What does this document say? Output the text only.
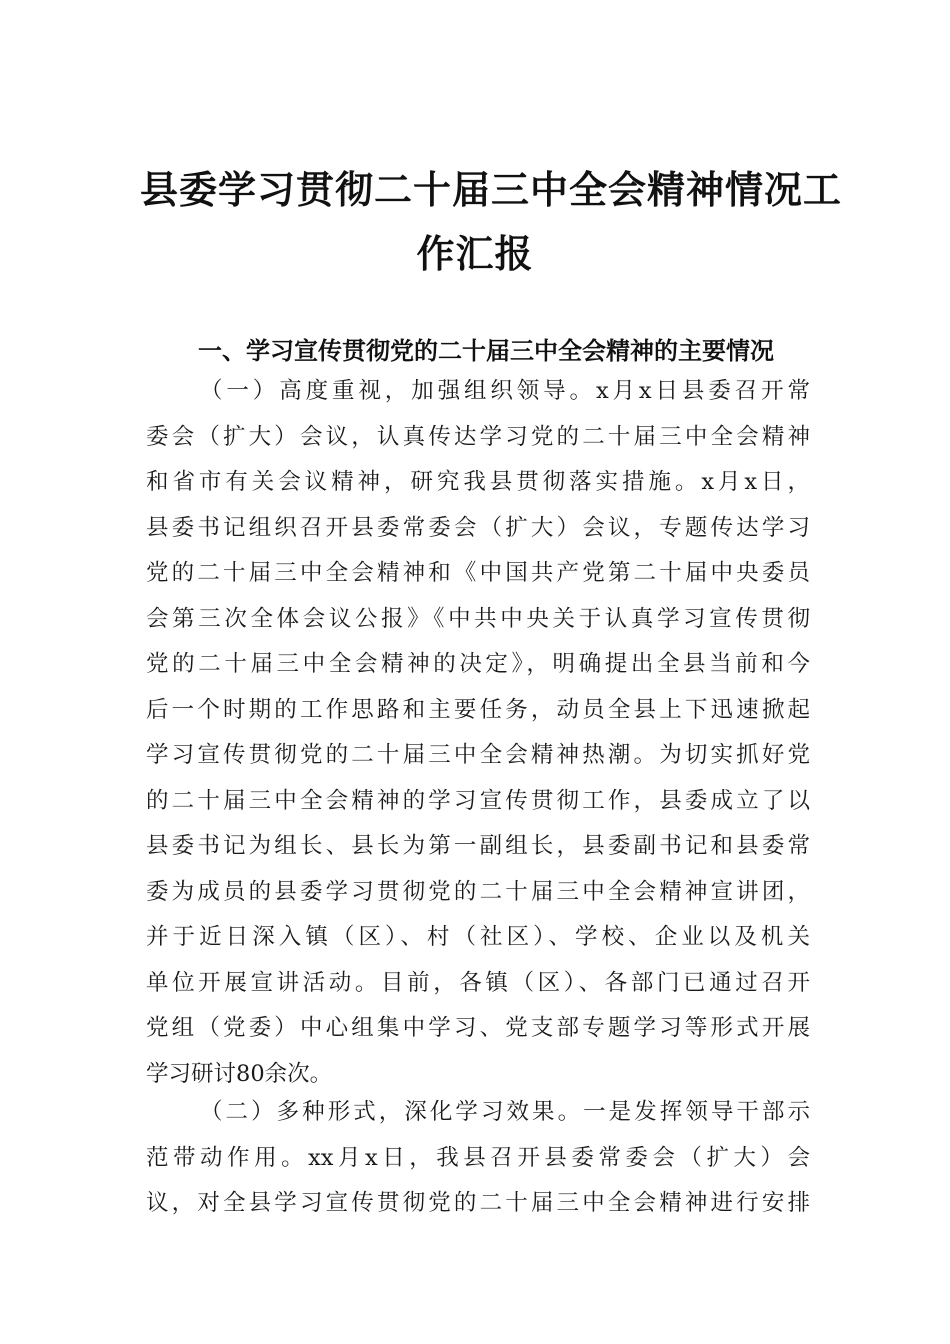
县委学习贯彻二十届三中全会精神情况工
作汇报
一、学习宣传贯彻党的二十届三中全会精神的主要情况
（一）高度重视，加强组织领导。x月x日县委召开常
委会（扩大）会议，认真传达学习党的二十届三中全会精神
和省市有关会议精神，研究我县贯彻落实措施。x月x日，
县委书记组织召开县委常委会（扩大）会议，专题传达学习
党的二十届三中全会精神和《中国共产党第二十届中央委员
会第三次全体会议公报》《中共中央关于认真学习宣传贯彻
党的二十届三中全会精神的决定》，明确提出全县当前和今
后一个时期的工作思路和主要任务，动员全县上下迅速掀起
学习宣传贯彻党的二十届三中全会精神热潮。为切实抓好党
的二十届三中全会精神的学习宣传贯彻工作，县委成立了以
县委书记为组长、县长为第一副组长，县委副书记和县委常
委为成员的县委学习贯彻党的二十届三中全会精神宣讲团，
并于近日深入镇（区）、村（社区）、学校、企业以及机关
单位开展宣讲活动。目前，各镇（区）、各部门已通过召开
党组（党委）中心组集中学习、党支部专题学习等形式开展
学习研讨80余次。
（二）多种形式，深化学习效果。一是发挥领导干部示
范带动作用。xx月x日，我县召开县委常委会（扩大）会
议，对全县学习宣传贯彻党的二十届三中全会精神进行安排
